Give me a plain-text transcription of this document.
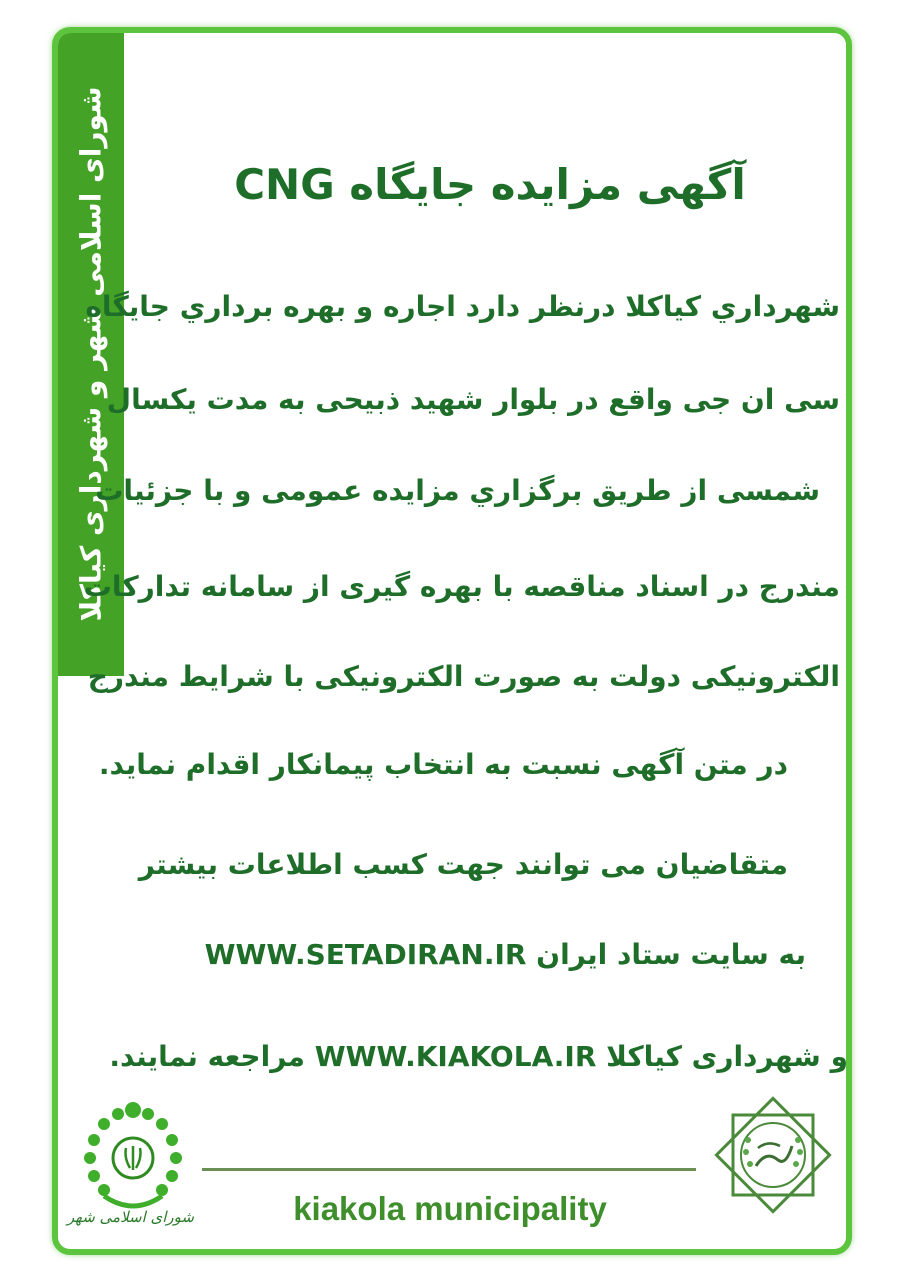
شورای اسلامی شهر و شهرداری کیاکلا	آگهی مزایده جایگاه CNG
شهرداري کیاکلا درنظر دارد اجاره و بهره برداري جایگاه
سی ان جی واقع در بلوار شهید ذبیحی به مدت یکسال
شمسی از طریق برگزاري مزایده عمومی و با جزئیات
مندرج در اسناد مناقصه با بهره گیری از سامانه تدارکات
الکترونیکی دولت به صورت الکترونیکی با شرایط مندرج
در متن آگهی نسبت به انتخاب پیمانکار اقدام نماید.
متقاضیان می توانند جهت کسب اطلاعات بیشتر
به سایت ستاد ایران WWW.SETADIRAN.IR
و شهرداری کیاکلا WWW.KIAKOLA.IR مراجعه نمایند.
kiakola municipality
شورای اسلامی شهر
